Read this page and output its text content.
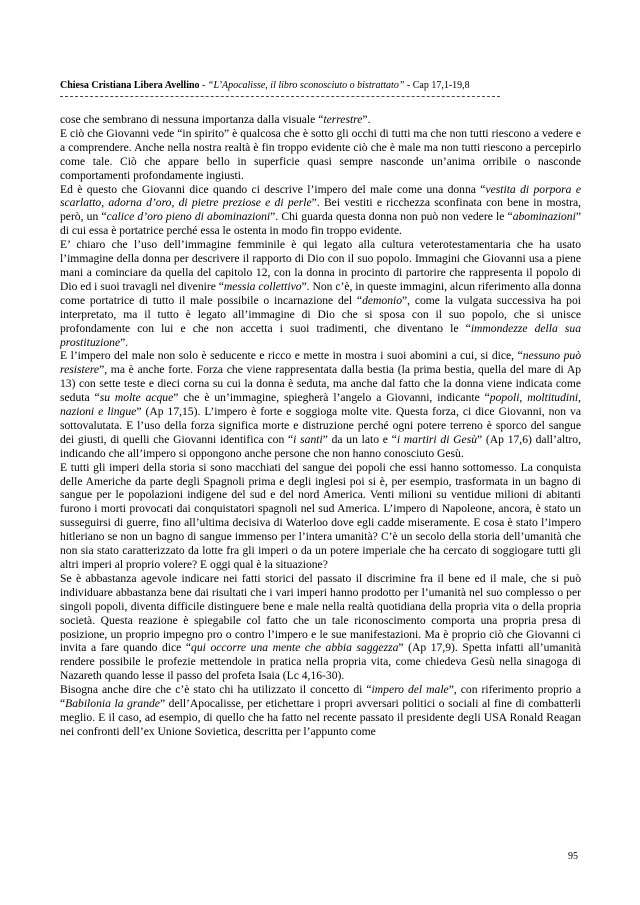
Chiesa Cristiana Libera Avellino - “L’Apocalisse, il libro sconosciuto o bistrattato” - Cap 17,1-19,8

cose che sembrano di nessuna importanza dalla visuale “terrestre”.

E ciò che Giovanni vede “in spirito” è qualcosa che è sotto gli occhi di tutti ma che non tutti riescono a vedere e a comprendere. Anche nella nostra realtà è fin troppo evidente ciò che è male ma non tutti riescono a percepirlo come tale. Ciò che appare bello in superficie quasi sempre nasconde un’anima orribile o nasconde comportamenti profondamente ingiusti.

Ed è questo che Giovanni dice quando ci descrive l’impero del male come una donna “vestita di porpora e scarlatto, adorna d’oro, di pietre preziose e di perle”. Bei vestiti e ricchezza sconfinata con bene in mostra, però, un “calice d’oro pieno di abominazioni”. Chi guarda questa donna non può non vedere le “abominazioni” di cui essa è portatrice perché essa le ostenta in modo fin troppo evidente.

E’ chiaro che l’uso dell’immagine femminile è qui legato alla cultura veterotestamentaria che ha usato l’immagine della donna per descrivere il rapporto di Dio con il suo popolo. Immagini che Giovanni usa a piene mani a cominciare da quella del capitolo 12, con la donna in procinto di partorire che rappresenta il popolo di Dio ed i suoi travagli nel divenire “messia collettivo”. Non c’è, in queste immagini, alcun riferimento alla donna come portatrice di tutto il male possibile o incarnazione del “demonio”, come la vulgata successiva ha poi interpretato, ma il tutto è legato all’immagine di Dio che si sposa con il suo popolo, che si unisce profondamente con lui e che non accetta i suoi tradimenti, che diventano le “immondezze della sua prostituzione”.

E l’impero del male non solo è seducente e ricco e mette in mostra i suoi abomini a cui, si dice, “nessuno può resistere”, ma è anche forte. Forza che viene rappresentata dalla bestia (la prima bestia, quella del mare di Ap 13) con sette teste e dieci corna su cui la donna è seduta, ma anche dal fatto che la donna viene indicata come seduta “su molte acque” che è un’immagine, spiegherà l’angelo a Giovanni, indicante “popoli, moltitudini, nazioni e lingue” (Ap 17,15). L’impero è forte e soggioga molte vite. Questa forza, ci dice Giovanni, non va sottovalutata. E l’uso della forza significa morte e distruzione perché ogni potere terreno è sporco del sangue dei giusti, di quelli che Giovanni identifica con “i santi” da un lato e “i martiri di Gesù” (Ap 17,6) dall’altro, indicando che all’impero si oppongono anche persone che non hanno conosciuto Gesù.

E tutti gli imperi della storia si sono macchiati del sangue dei popoli che essi hanno sottomesso. La conquista delle Americhe da parte degli Spagnoli prima e degli inglesi poi si è, per esempio, trasformata in un bagno di sangue per le popolazioni indigene del sud e del nord America. Venti milioni su ventidue milioni di abitanti furono i morti provocati dai conquistatori spagnoli nel sud America. L’impero di Napoleone, ancora, è stato un susseguirsi di guerre, fino all’ultima decisiva di Waterloo dove egli cadde miseramente. E cosa è stato l’impero hitleriano se non un bagno di sangue immenso per l’intera umanità? C’è un secolo della storia dell’umanità che non sia stato caratterizzato da lotte fra gli imperi o da un potere imperiale che ha cercato di soggiogare tutti gli altri imperi al proprio volere? E oggi qual è la situazione?

Se è abbastanza agevole indicare nei fatti storici del passato il discrimine fra il bene ed il male, che si può individuare abbastanza bene dai risultati che i vari imperi hanno prodotto per l’umanità nel suo complesso o per singoli popoli, diventa difficile distinguere bene e male nella realtà quotidiana della propria vita o della propria società. Questa reazione è spiegabile col fatto che un tale riconoscimento comporta una propria presa di posizione, un proprio impegno pro o contro l’impero e le sue manifestazioni. Ma è proprio ciò che Giovanni ci invita a fare quando dice “qui occorre una mente che abbia saggezza” (Ap 17,9). Spetta infatti all’umanità rendere possibile le profezie mettendole in pratica nella propria vita, come chiedeva Gesù nella sinagoga di Nazareth quando lesse il passo del profeta Isaia (Lc 4,16-30).

Bisogna anche dire che c’è stato chi ha utilizzato il concetto di “impero del male”, con riferimento proprio a “Babilonia la grande” dell’Apocalisse, per etichettare i propri avversari politici o sociali al fine di combatterli meglio. E il caso, ad esempio, di quello che ha fatto nel recente passato il presidente degli USA Ronald Reagan nei confronti dell’ex Unione Sovietica, descritta per l’appunto come

95
